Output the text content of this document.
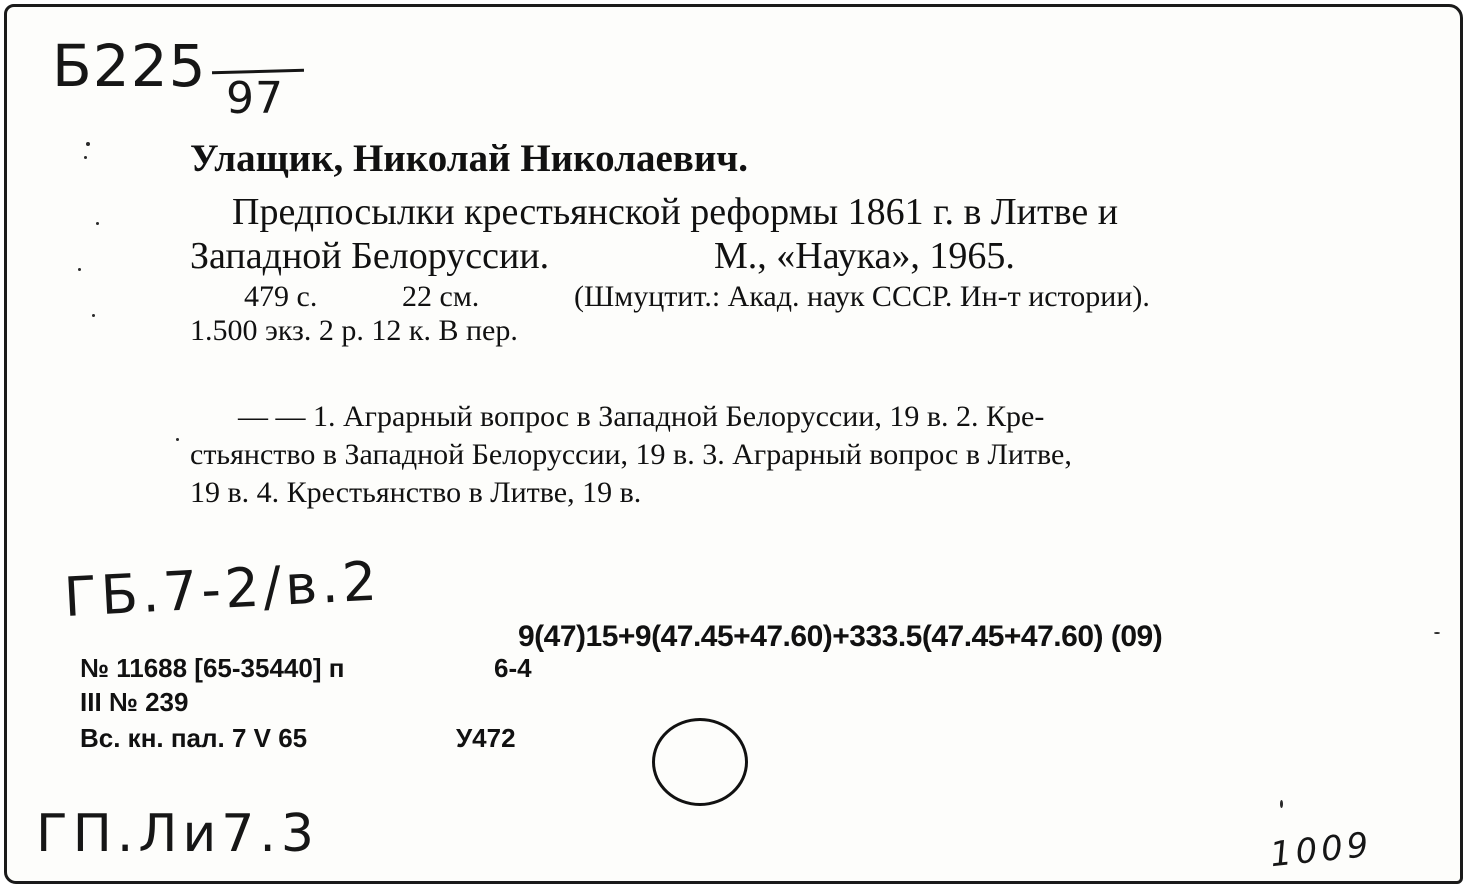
Б225 97
Улащик, Николай Николаевич.
Предпосылки крестьянской реформы 1861 г. в Литве и
Западной Белоруссии.	М., «Наука», 1965.
479 с.	22 см.	(Шмуцтит.: Акад. наук СССР. Ин-т истории).
1.500 экз. 2 р. 12 к. В пер.
— — 1. Аграрный вопрос в Западной Белоруссии, 19 в. 2. Кре-
стьянство в Западной Белоруссии, 19 в. 3. Аграрный вопрос в Литве,
19 в. 4. Крестьянство в Литве, 19 в.
ГБ.7-2/в.2
9(47)15+9(47.45+47.60)+333.5(47.45+47.60) (09)
№ 11688 [65-35440] п	6-4
III № 239
Вс. кн. пал. 7 V 65	У472
ГП.Ли7.3	1009
